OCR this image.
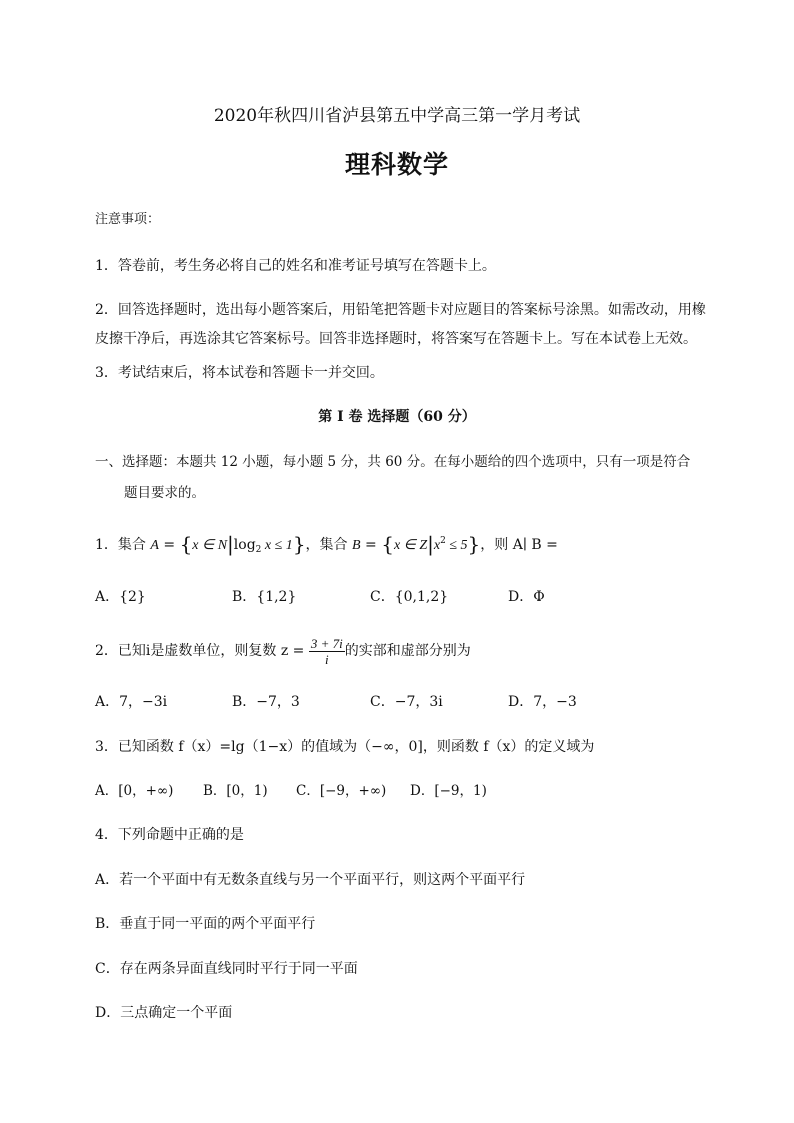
2020年秋四川省泸县第五中学高三第一学月考试
理科数学
注意事项：
1．答卷前，考生务必将自己的姓名和准考证号填写在答题卡上。
2．回答选择题时，选出每小题答案后，用铅笔把答题卡对应题目的答案标号涂黑。如需改动，用橡
皮擦干净后，再选涂其它答案标号。回答非选择题时，将答案写在答题卡上。写在本试卷上无效。
3．考试结束后，将本试卷和答题卡一并交回。
第 I 卷 选择题（60 分）
一、选择题：本题共 12 小题，每小题 5 分，共 60 分。在每小题给的四个选项中，只有一项是符合
题目要求的。
1．集合 A = {x ∈ $N|\log_2$ x ≤ 1}，集合 B = {x ∈ $Z|x^2 \le 5$}，则 A∣ B =
A．{2}	B．{1,2}	C．{0,1,2}	D．Φ
2．已知i是虚数单位，则复数 $z = \frac{3 + 7i}{i}$ 的实部和虚部分别为
A．7，−3i	B．−7，3	C．−7，3i	D．7，−3
3．已知函数 f（x）=lg（1−x）的值域为（−∞，0]，则函数 f（x）的定义域为
A．[0，+∞) B．[0，1) C．[−9，+∞) D．[−9，1)
4．下列命题中正确的是
A．若一个平面中有无数条直线与另一个平面平行，则这两个平面平行
B．垂直于同一平面的两个平面平行
C．存在两条异面直线同时平行于同一平面
D．三点确定一个平面
